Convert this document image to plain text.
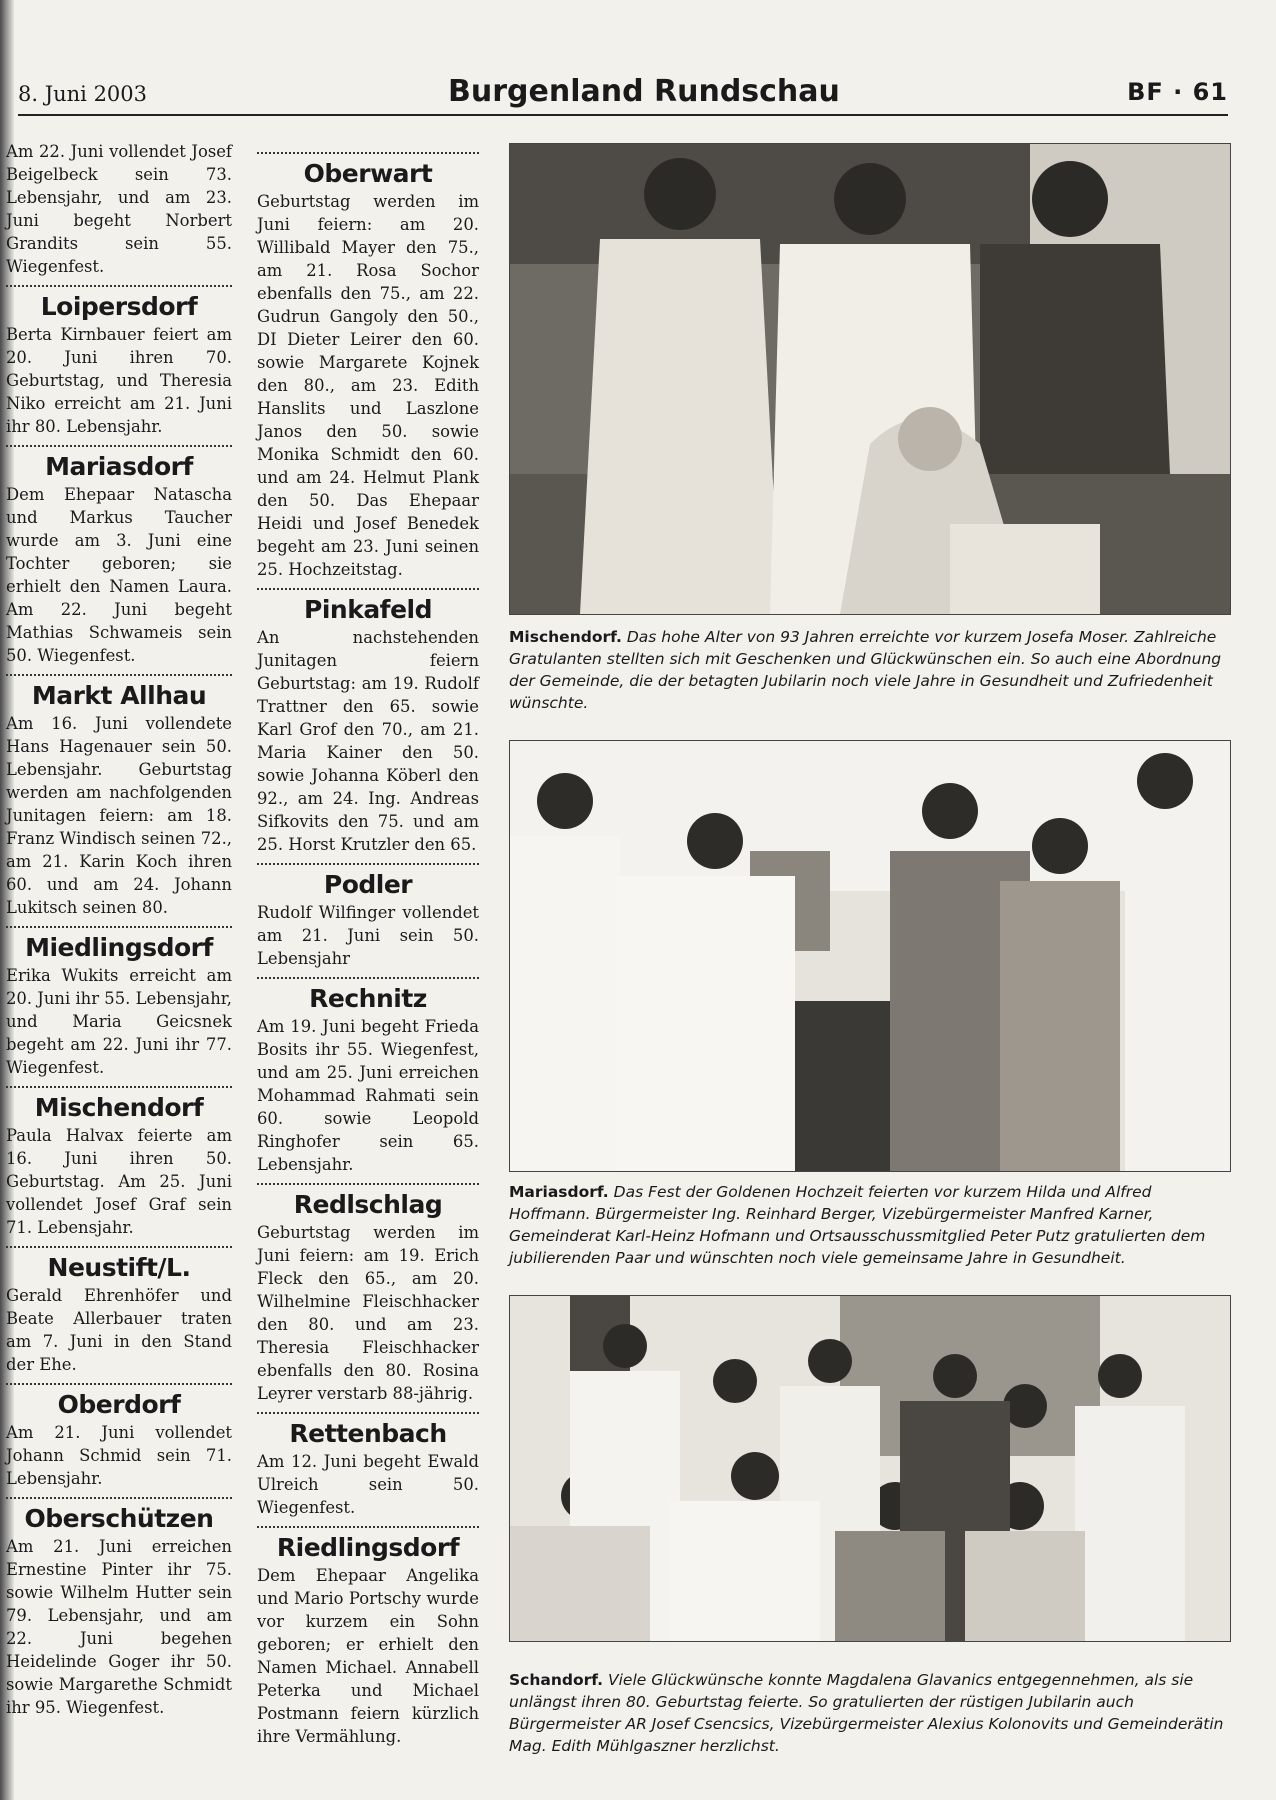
8. Juni 2003	Burgenland Rundschau	BF · 61

Am 22. Juni vollendet Josef Beigelbeck sein 73. Lebensjahr, und am 23. Juni begeht Norbert Grandits sein 55. Wiegenfest.

Loipersdorf

Berta Kirnbauer feiert am 20. Juni ihren 70. Geburtstag, und Theresia Niko erreicht am 21. Juni ihr 80. Lebensjahr.

Mariasdorf

Dem Ehepaar Natascha und Markus Taucher wurde am 3. Juni eine Tochter geboren; sie erhielt den Namen Laura. Am 22. Juni begeht Mathias Schwameis sein 50. Wiegenfest.

Markt Allhau

Am 16. Juni vollendete Hans Hagenauer sein 50. Lebensjahr. Geburtstag werden am nachfolgenden Junitagen feiern: am 18. Franz Windisch seinen 72., am 21. Karin Koch ihren 60. und am 24. Johann Lukitsch seinen 80.

Miedlingsdorf

Erika Wukits erreicht am 20. Juni ihr 55. Lebensjahr, und Maria Geicsnek begeht am 22. Juni ihr 77. Wiegenfest.

Mischendorf

Paula Halvax feierte am 16. Juni ihren 50. Geburtstag. Am 25. Juni vollendet Josef Graf sein 71. Lebensjahr.

Neustift/L.

Gerald Ehrenhöfer und Beate Allerbauer traten am 7. Juni in den Stand der Ehe.

Oberdorf

Am 21. Juni vollendet Johann Schmid sein 71. Lebensjahr.

Oberschützen

Am 21. Juni erreichen Ernestine Pinter ihr 75. sowie Wilhelm Hutter sein 79. Lebensjahr, und am 22. Juni begehen Heidelinde Goger ihr 50. sowie Margarethe Schmidt ihr 95. Wiegenfest.

Oberwart

Geburtstag werden im Juni feiern: am 20. Willibald Mayer den 75., am 21. Rosa Sochor ebenfalls den 75., am 22. Gudrun Gangoly den 50., DI Dieter Leirer den 60. sowie Margarete Kojnek den 80., am 23. Edith Hanslits und Laszlone Janos den 50. sowie Monika Schmidt den 60. und am 24. Helmut Plank den 50. Das Ehepaar Heidi und Josef Benedek begeht am 23. Juni seinen 25. Hochzeitstag.

Pinkafeld

An nachstehenden Junitagen feiern Geburtstag: am 19. Rudolf Trattner den 65. sowie Karl Grof den 70., am 21. Maria Kainer den 50. sowie Johanna Köberl den 92., am 24. Ing. Andreas Sifkovits den 75. und am 25. Horst Krutzler den 65.

Podler

Rudolf Wilfinger vollendet am 21. Juni sein 50. Lebensjahr

Rechnitz

Am 19. Juni begeht Frieda Bosits ihr 55. Wiegenfest, und am 25. Juni erreichen Mohammad Rahmati sein 60. sowie Leopold Ringhofer sein 65. Lebensjahr.

Redlschlag

Geburtstag werden im Juni feiern: am 19. Erich Fleck den 65., am 20. Wilhelmine Fleischhacker den 80. und am 23. Theresia Fleischhacker ebenfalls den 80. Rosina Leyrer verstarb 88-jährig.

Rettenbach

Am 12. Juni begeht Ewald Ulreich sein 50. Wiegenfest.

Riedlingsdorf

Dem Ehepaar Angelika und Mario Portschy wurde vor kurzem ein Sohn geboren; er erhielt den Namen Michael. Annabell Peterka und Michael Postmann feiern kürzlich ihre Vermählung.

Mischendorf. Das hohe Alter von 93 Jahren erreichte vor kurzem Josefa Moser. Zahlreiche Gratulanten stellten sich mit Geschenken und Glückwünschen ein. So auch eine Abordnung der Gemeinde, die der betagten Jubilarin noch viele Jahre in Gesundheit und Zufriedenheit wünschte.
Mariasdorf. Das Fest der Goldenen Hochzeit feierten vor kurzem Hilda und Alfred Hoffmann. Bürgermeister Ing. Reinhard Berger, Vizebürgermeister Manfred Karner, Gemeinderat Karl-Heinz Hofmann und Ortsausschussmitglied Peter Putz gratulierten dem jubilierenden Paar und wünschten noch viele gemeinsame Jahre in Gesundheit.
Schandorf. Viele Glückwünsche konnte Magdalena Glavanics entgegennehmen, als sie unlängst ihren 80. Geburtstag feierte. So gratulierten der rüstigen Jubilarin auch Bürgermeister AR Josef Csencsics, Vizebürgermeister Alexius Kolonovits und Gemeinderätin Mag. Edith Mühlgaszner herzlichst.
